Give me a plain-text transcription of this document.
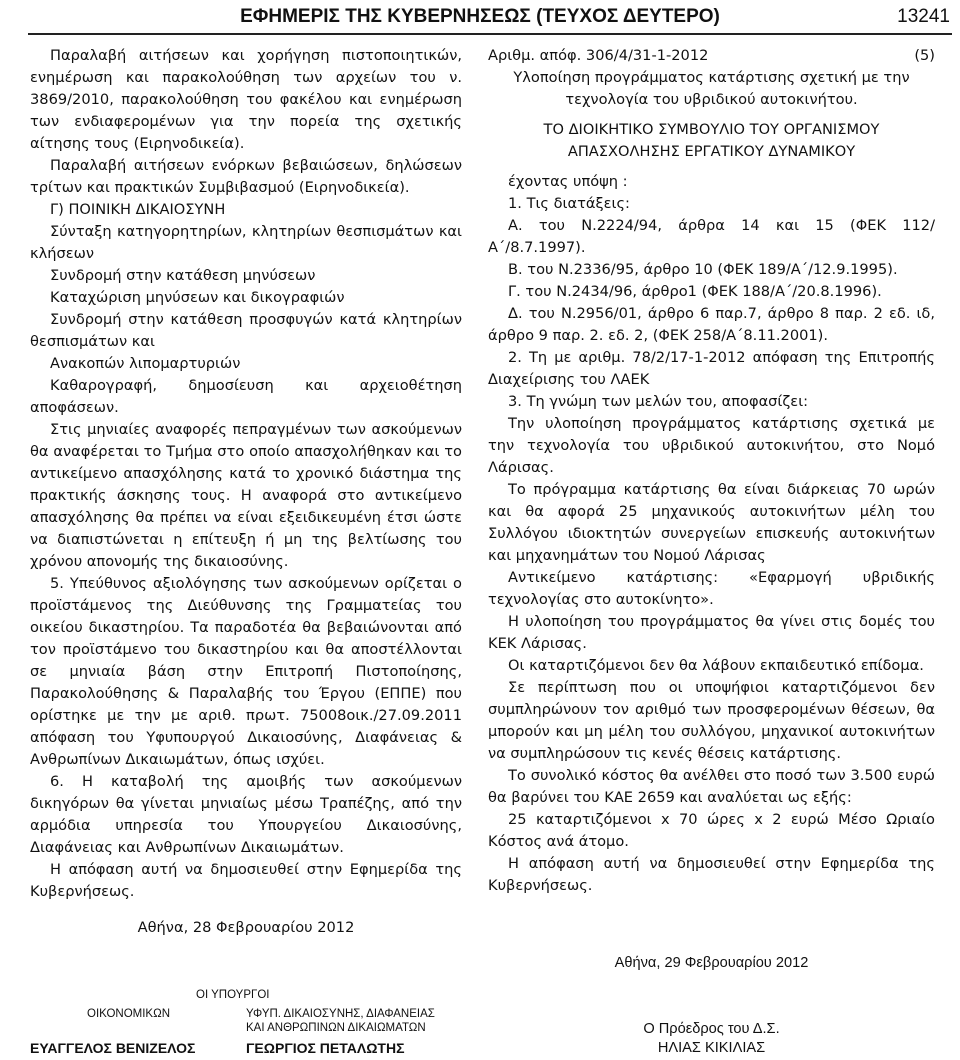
ΕΦΗΜΕΡΙΣ ΤΗΣ ΚΥΒΕΡΝΗΣΕΩΣ (ΤΕΥΧΟΣ ΔΕΥΤΕΡΟ)	13241

Παραλαβή αιτήσεων και χορήγηση πιστοποιητικών, ενημέρωση και παρακολούθηση των αρχείων του ν. 3869/2010, παρακολούθηση του φακέλου και ενημέρωση των ενδιαφερομένων για την πορεία της σχετικής αίτησης τους (Ειρηνοδικεία).

Παραλαβή αιτήσεων ενόρκων βεβαιώσεων, δηλώσεων τρίτων και πρακτικών Συμβιβασμού (Ειρηνοδικεία).

Γ) ΠΟΙΝΙΚΗ ΔΙΚΑΙΟΣΥΝΗ

Σύνταξη κατηγορητηρίων, κλητηρίων θεσπισμάτων και κλήσεων

Συνδρομή στην κατάθεση μηνύσεων

Καταχώριση μηνύσεων και δικογραφιών

Συνδρομή στην κατάθεση προσφυγών κατά κλητηρίων θεσπισμάτων και

Ανακοπών λιπομαρτυριών

Καθαρογραφή, δημοσίευση και αρχειοθέτηση αποφάσεων.

Στις μηνιαίες αναφορές πεπραγμένων των ασκούμενων θα αναφέρεται το Τμήμα στο οποίο απασχολήθηκαν και το αντικείμενο απασχόλησης κατά το χρονικό διάστημα της πρακτικής άσκησης τους. Η αναφορά στο αντικείμενο απασχόλησης θα πρέπει να είναι εξειδικευμένη έτσι ώστε να διαπιστώνεται η επίτευξη ή μη της βελτίωσης του χρόνου απονομής της δικαιοσύνης.

5. Υπεύθυνος αξιολόγησης των ασκούμενων ορίζεται ο προϊστάμενος της Διεύθυνσης της Γραμματείας του οικείου δικαστηρίου. Τα παραδοτέα θα βεβαιώνονται από τον προϊστάμενο του δικαστηρίου και θα αποστέλλονται σε μηνιαία βάση στην Επιτροπή Πιστοποίησης, Παρακολούθησης & Παραλαβής του Έργου (ΕΠΠΕ) που ορίστηκε με την με αριθ. πρωτ. 75008οικ./27.09.2011 απόφαση του Υφυπουργού Δικαιοσύνης, Διαφάνειας & Ανθρωπίνων Δικαιωμάτων, όπως ισχύει.

6. Η καταβολή της αμοιβής των ασκούμενων δικηγόρων θα γίνεται μηνιαίως μέσω Τραπέζης, από την αρμόδια υπηρεσία του Υπουργείου Δικαιοσύνης, Διαφάνειας και Ανθρωπίνων Δικαιωμάτων.

Η απόφαση αυτή να δημοσιευθεί στην Εφημερίδα της Κυβερνήσεως.

Αθήνα, 28 Φεβρουαρίου 2012

ΟΙ ΥΠΟΥΡΓΟΙ
ΟΙΚΟΝΟΜΙΚΩΝ	ΥΦΥΠ. ΔΙΚΑΙΟΣΥΝΗΣ, ΔΙΑΦΑΝΕΙΑΣ
ΚΑΙ ΑΝΘΡΩΠΙΝΩΝ ΔΙΚΑΙΩΜΑΤΩΝ
ΕΥΑΓΓΕΛΟΣ ΒΕΝΙΖΕΛΟΣ	ΓΕΩΡΓΙΟΣ ΠΕΤΑΛΩΤΗΣ
Αριθμ. απόφ. 306/4/31-1-2012	(5)

Υλοποίηση προγράμματος κατάρτισης σχετική με την τεχνολογία του υβριδικού αυτοκινήτου.

ΤΟ ΔΙΟΙΚΗΤΙΚΟ ΣΥΜΒΟΥΛΙΟ ΤΟΥ ΟΡΓΑΝΙΣΜΟΥ ΑΠΑΣΧΟΛΗΣΗΣ ΕΡΓΑΤΙΚΟΥ ΔΥΝΑΜΙΚΟΥ

έχοντας υπόψη :

1. Τις διατάξεις:

Α. του Ν.2224/94, άρθρα 14 και 15 (ΦΕΚ 112/Α΄/8.7.1997).

Β. του Ν.2336/95, άρθρο 10 (ΦΕΚ 189/Α΄/12.9.1995).

Γ. του Ν.2434/96, άρθρο1 (ΦΕΚ 188/Α΄/20.8.1996).

Δ. του Ν.2956/01, άρθρο 6 παρ.7, άρθρο 8 παρ. 2 εδ. ιδ, άρθρο 9 παρ. 2. εδ. 2, (ΦΕΚ 258/Α΄8.11.2001).

2. Τη με αριθμ. 78/2/17-1-2012 απόφαση της Επιτροπής Διαχείρισης του ΛΑΕΚ

3. Τη γνώμη των μελών του, αποφασίζει:

Την υλοποίηση προγράμματος κατάρτισης σχετικά με την τεχνολογία του υβριδικού αυτοκινήτου, στο Νομό Λάρισας.

Το πρόγραμμα κατάρτισης θα είναι διάρκειας 70 ωρών και θα αφορά 25 μηχανικούς αυτοκινήτων μέλη του Συλλόγου ιδιοκτητών συνεργείων επισκευής αυτοκινήτων και μηχανημάτων του Νομού Λάρισας

Αντικείμενο κατάρτισης: «Εφαρμογή υβριδικής τεχνολογίας στο αυτοκίνητο».

Η υλοποίηση του προγράμματος θα γίνει στις δομές του ΚΕΚ Λάρισας.

Οι καταρτιζόμενοι δεν θα λάβουν εκπαιδευτικό επίδομα.

Σε περίπτωση που οι υποψήφιοι καταρτιζόμενοι δεν συμπληρώνουν τον αριθμό των προσφερομένων θέσεων, θα μπορούν και μη μέλη του συλλόγου, μηχανικοί αυτοκινήτων να συμπληρώσουν τις κενές θέσεις κατάρτισης.

Το συνολικό κόστος θα ανέλθει στο ποσό των 3.500 ευρώ θα βαρύνει του ΚΑΕ 2659 και αναλύεται ως εξής:

25 καταρτιζόμενοι x 70 ώρες x 2 ευρώ Μέσο Ωριαίο Κόστος ανά άτομο.

Η απόφαση αυτή να δημοσιευθεί στην Εφημερίδα της Κυβερνήσεως.

Αθήνα, 29 Φεβρουαρίου 2012
Ο Πρόεδρος του Δ.Σ.
ΗΛΙΑΣ ΚΙΚΙΛΙΑΣ
